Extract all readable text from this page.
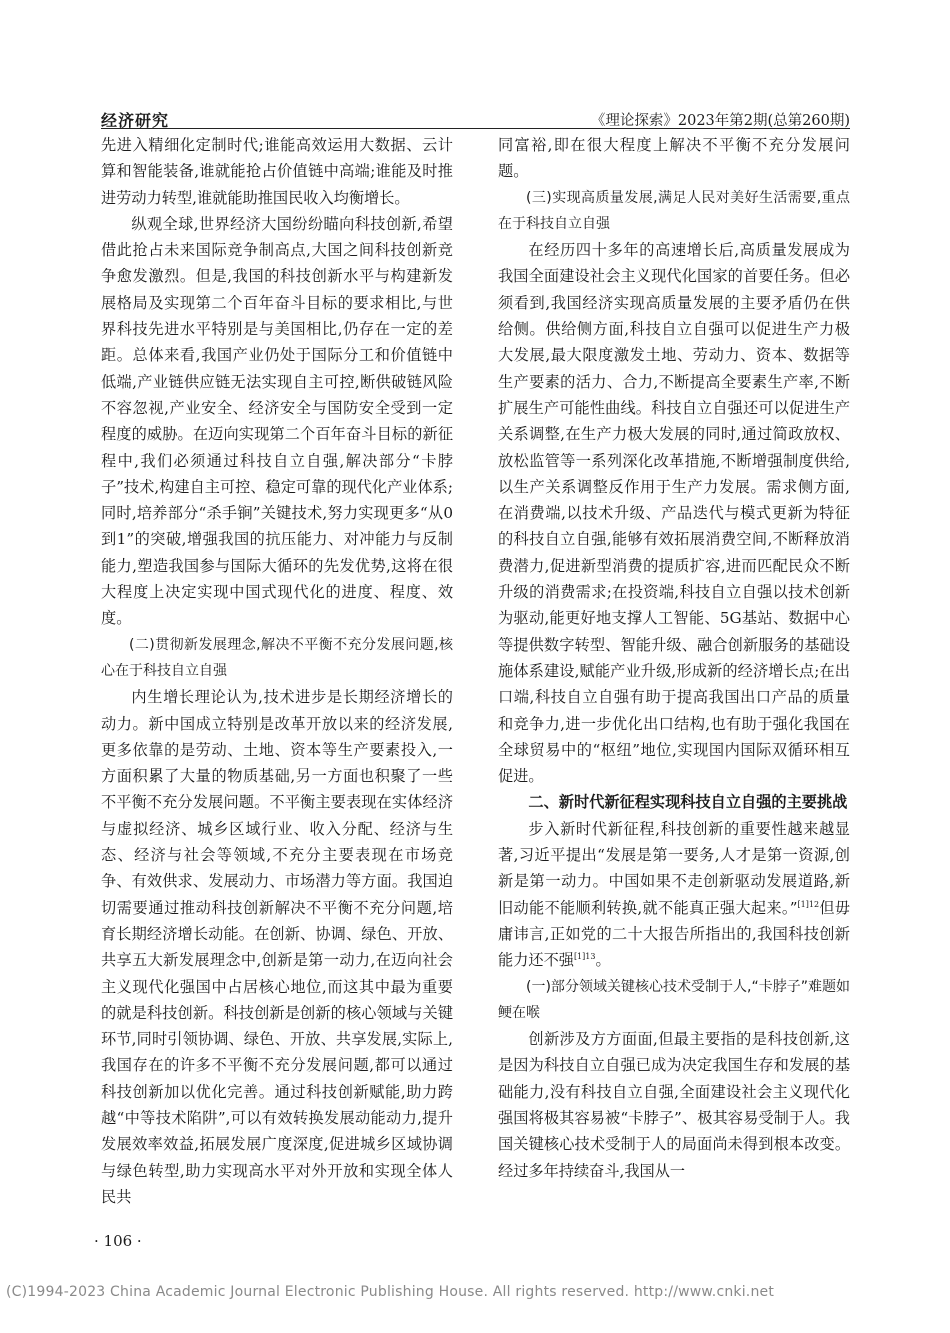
经济研究	《理论探索》2023年第2期(总第260期)

先进入精细化定制时代;谁能高效运用大数据、云计算和智能装备,谁就能抢占价值链中高端;谁能及时推进劳动力转型,谁就能助推国民收入均衡增长。

纵观全球,世界经济大国纷纷瞄向科技创新,希望借此抢占未来国际竞争制高点,大国之间科技创新竞争愈发激烈。但是,我国的科技创新水平与构建新发展格局及实现第二个百年奋斗目标的要求相比,与世界科技先进水平特别是与美国相比,仍存在一定的差距。总体来看,我国产业仍处于国际分工和价值链中低端,产业链供应链无法实现自主可控,断供破链风险不容忽视,产业安全、经济安全与国防安全受到一定程度的威胁。在迈向实现第二个百年奋斗目标的新征程中,我们必须通过科技自立自强,解决部分“卡脖子”技术,构建自主可控、稳定可靠的现代化产业体系;同时,培养部分“杀手锏”关键技术,努力实现更多“从0到1”的突破,增强我国的抗压能力、对冲能力与反制能力,塑造我国参与国际大循环的先发优势,这将在很大程度上决定实现中国式现代化的进度、程度、效度。

(二)贯彻新发展理念,解决不平衡不充分发展问题,核心在于科技自立自强

内生增长理论认为,技术进步是长期经济增长的动力。新中国成立特别是改革开放以来的经济发展,更多依靠的是劳动、土地、资本等生产要素投入,一方面积累了大量的物质基础,另一方面也积聚了一些不平衡不充分发展问题。不平衡主要表现在实体经济与虚拟经济、城乡区域行业、收入分配、经济与生态、经济与社会等领域,不充分主要表现在市场竞争、有效供求、发展动力、市场潜力等方面。我国迫切需要通过推动科技创新解决不平衡不充分问题,培育长期经济增长动能。在创新、协调、绿色、开放、共享五大新发展理念中,创新是第一动力,在迈向社会主义现代化强国中占居核心地位,而这其中最为重要的就是科技创新。科技创新是创新的核心领域与关键环节,同时引领协调、绿色、开放、共享发展,实际上,我国存在的许多不平衡不充分发展问题,都可以通过科技创新加以优化完善。通过科技创新赋能,助力跨越“中等技术陷阱”,可以有效转换发展动能动力,提升发展效率效益,拓展发展广度深度,促进城乡区域协调与绿色转型,助力实现高水平对外开放和实现全体人民共

同富裕,即在很大程度上解决不平衡不充分发展问题。

(三)实现高质量发展,满足人民对美好生活需要,重点在于科技自立自强

在经历四十多年的高速增长后,高质量发展成为我国全面建设社会主义现代化国家的首要任务。但必须看到,我国经济实现高质量发展的主要矛盾仍在供给侧。供给侧方面,科技自立自强可以促进生产力极大发展,最大限度激发土地、劳动力、资本、数据等生产要素的活力、合力,不断提高全要素生产率,不断扩展生产可能性曲线。科技自立自强还可以促进生产关系调整,在生产力极大发展的同时,通过简政放权、放松监管等一系列深化改革措施,不断增强制度供给,以生产关系调整反作用于生产力发展。需求侧方面,在消费端,以技术升级、产品迭代与模式更新为特征的科技自立自强,能够有效拓展消费空间,不断释放消费潜力,促进新型消费的提质扩容,进而匹配民众不断升级的消费需求;在投资端,科技自立自强以技术创新为驱动,能更好地支撑人工智能、5G基站、数据中心等提供数字转型、智能升级、融合创新服务的基础设施体系建设,赋能产业升级,形成新的经济增长点;在出口端,科技自立自强有助于提高我国出口产品的质量和竞争力,进一步优化出口结构,也有助于强化我国在全球贸易中的“枢纽”地位,实现国内国际双循环相互促进。

二、新时代新征程实现科技自立自强的主要挑战

步入新时代新征程,科技创新的重要性越来越显著,习近平提出“发展是第一要务,人才是第一资源,创新是第一动力。中国如果不走创新驱动发展道路,新旧动能不能顺利转换,就不能真正强大起来。”$^{[1]12}$但毋庸讳言,正如党的二十大报告所指出的,我国科技创新能力还不强$^{[1]13}$。

(一)部分领域关键核心技术受制于人,“卡脖子”难题如鲠在喉

创新涉及方方面面,但最主要指的是科技创新,这是因为科技自立自强已成为决定我国生存和发展的基础能力,没有科技自立自强,全面建设社会主义现代化强国将极其容易被“卡脖子”、极其容易受制于人。我国关键核心技术受制于人的局面尚未得到根本改变。经过多年持续奋斗,我国从一

· 106 ·
(C)1994-2023 China Academic Journal Electronic Publishing House. All rights reserved. http://www.cnki.net
